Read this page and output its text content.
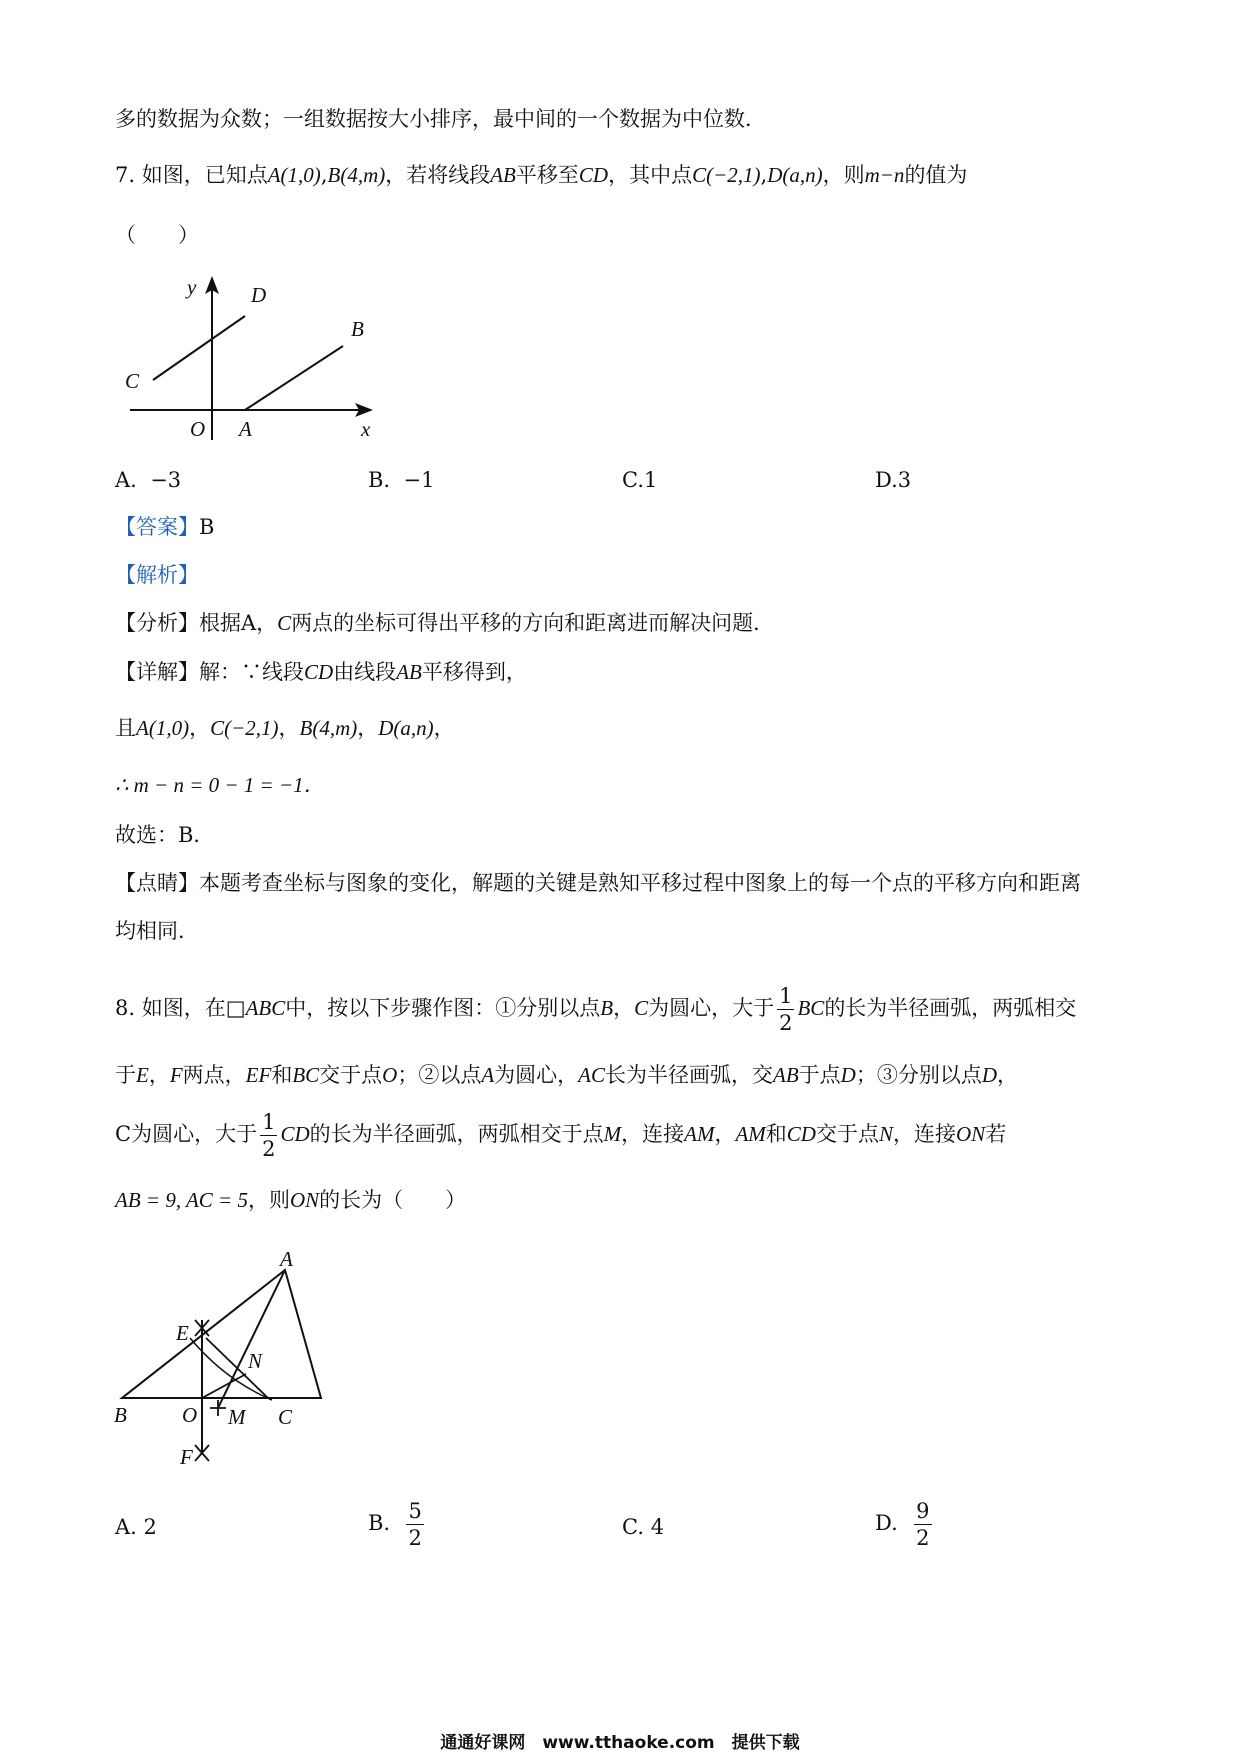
多的数据为众数；一组数据按大小排序，最中间的一个数据为中位数．
7. 如图，已知点A(1,0),B(4,m)，若将线段AB平移至CD，其中点C(−2,1),D(a,n)，则m−n的值为
（　　）
y	D
B
C
O A	x
A. −3	B. −1	C.1	D.3
【答案】B
【解析】
【分析】根据A，C两点的坐标可得出平移的方向和距离进而解决问题．
【详解】解：∵线段CD由线段AB平移得到，
且A(1,0)，C(−2,1)，B(4,m)，D(a,n)，
∴ m − n = 0 − 1 = −1．
故选：B．
【点睛】本题考查坐标与图象的变化，解题的关键是熟知平移过程中图象上的每一个点的平移方向和距离
均相同．
8. 如图，在□ABC中，按以下步骤作图：①分别以点B，C为圆心，大于 $\frac{1}{2}$ BC的长为半径画弧，两弧相交
于E，F两点，EF和BC交于点O；②以点A为圆心，AC长为半径画弧，交AB于点D；③分别以点D，
C为圆心，大于 $\frac{1}{2}$ CD的长为半径画弧，两弧相交于点M，连接AM，AM和CD交于点N，连接ON若
AB = 9, AC = 5，则ON的长为（　　）
A
E
N
B	O M C
F
A. 2	B. $\frac{5}{2}$	C. 4	D. $\frac{9}{2}$
通通好课网　www.tthaoke.com　提供下载
